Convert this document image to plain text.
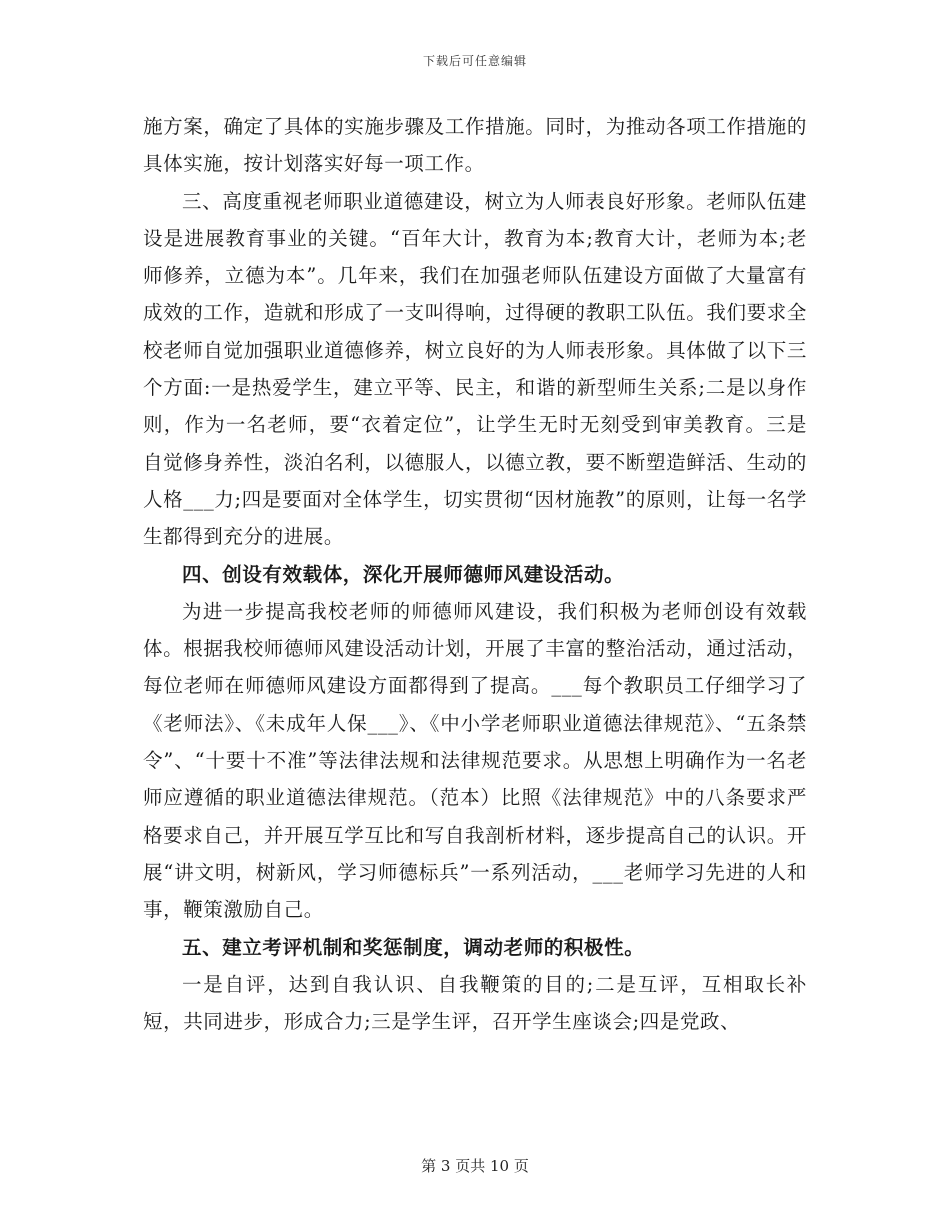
下载后可任意编辑

施方案，确定了具体的实施步骤及工作措施。同时，为推动各项工作措施的具体实施，按计划落实好每一项工作。

三、高度重视老师职业道德建设，树立为人师表良好形象。老师队伍建设是进展教育事业的关键。“百年大计，教育为本;教育大计，老师为本;老师修养，立德为本”。几年来，我们在加强老师队伍建设方面做了大量富有成效的工作，造就和形成了一支叫得响，过得硬的教职工队伍。我们要求全校老师自觉加强职业道德修养，树立良好的为人师表形象。具体做了以下三个方面:一是热爱学生，建立平等、民主，和谐的新型师生关系;二是以身作则，作为一名老师，要“衣着定位”，让学生无时无刻受到审美教育。三是自觉修身养性，淡泊名利，以德服人，以德立教，要不断塑造鲜活、生动的人格___力;四是要面对全体学生，切实贯彻“因材施教”的原则，让每一名学生都得到充分的进展。

四、创设有效载体，深化开展师德师风建设活动。

为进一步提高我校老师的师德师风建设，我们积极为老师创设有效载体。根据我校师德师风建设活动计划，开展了丰富的整治活动，通过活动，每位老师在师德师风建设方面都得到了提高。___每个教职员工仔细学习了《老师法》、《未成年人保___》、《中小学老师职业道德法律规范》、“五条禁令”、“十要十不准”等法律法规和法律规范要求。从思想上明确作为一名老师应遵循的职业道德法律规范。（范本）比照《法律规范》中的八条要求严格要求自己，并开展互学互比和写自我剖析材料，逐步提高自己的认识。开展“讲文明，树新风，学习师德标兵”一系列活动，___老师学习先进的人和事，鞭策激励自己。

五、建立考评机制和奖惩制度，调动老师的积极性。

一是自评，达到自我认识、自我鞭策的目的;二是互评，互相取长补短，共同进步，形成合力;三是学生评，召开学生座谈会;四是党政、

第 3 页共 10 页
